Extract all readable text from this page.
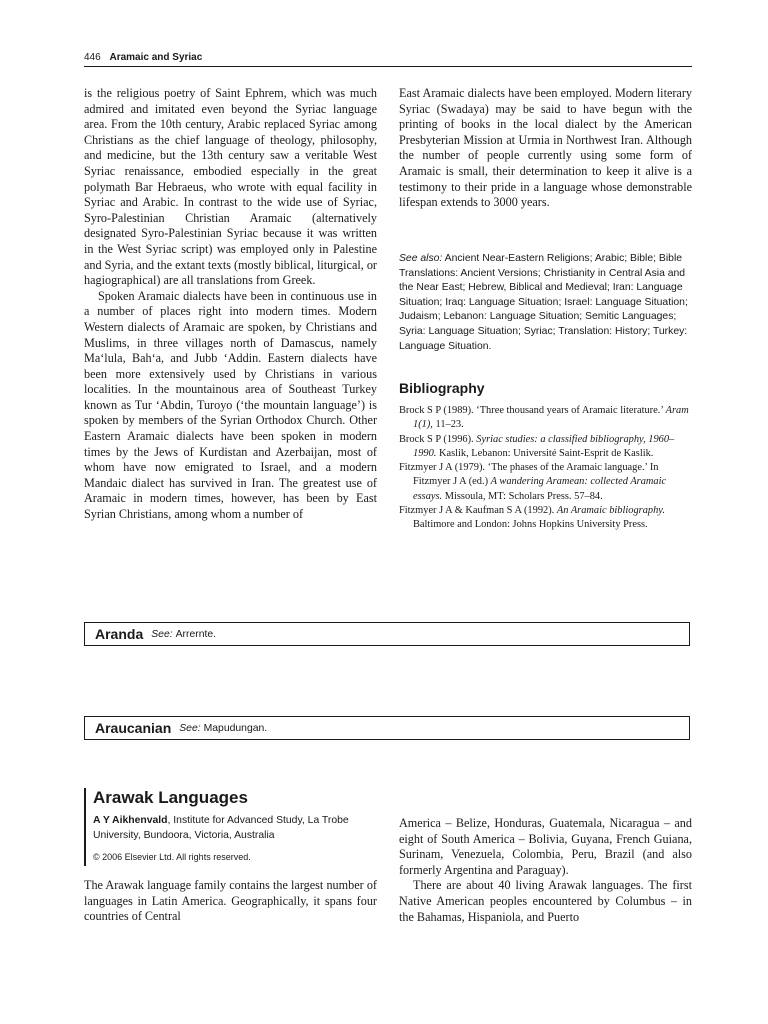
446 Aramaic and Syriac

is the religious poetry of Saint Ephrem, which was much admired and imitated even beyond the Syriac language area. From the 10th century, Arabic replaced Syriac among Christians as the chief language of theology, philosophy, and medicine, but the 13th century saw a veritable West Syriac renaissance, embodied especially in the great polymath Bar Hebraeus, who wrote with equal facility in Syriac and Arabic. In contrast to the wide use of Syriac, Syro-Palestinian Christian Aramaic (alternatively designated Syro-Palestinian Syriac because it was written in the West Syriac script) was employed only in Palestine and Syria, and the extant texts (mostly biblical, liturgical, or hagiographical) are all translations from Greek.

Spoken Aramaic dialects have been in continuous use in a number of places right into modern times. Modern Western dialects of Aramaic are spoken, by Christians and Muslims, in three villages north of Damascus, namely Ma‘lula, Bah‘a, and Jubb ‘Addin. Eastern dialects have been more extensively used by Christians in various localities. In the mountainous area of Southeast Turkey known as Tur ‘Abdin, Turoyo (‘the mountain language’) is spoken by members of the Syrian Orthodox Church. Other Eastern Aramaic dialects have been spoken in modern times by the Jews of Kurdistan and Azerbaijan, most of whom have now emigrated to Israel, and a modern Mandaic dialect has survived in Iran. The greatest use of Aramaic in modern times, however, has been by East Syrian Christians, among whom a number of

East Aramaic dialects have been employed. Modern literary Syriac (Swadaya) may be said to have begun with the printing of books in the local dialect by the American Presbyterian Mission at Urmia in Northwest Iran. Although the number of people currently using some form of Aramaic is small, their determination to keep it alive is a testimony to their pride in a language whose demonstrable lifespan extends to 3000 years.

See also: Ancient Near-Eastern Religions; Arabic; Bible; Bible Translations: Ancient Versions; Christianity in Central Asia and the Near East; Hebrew, Biblical and Medieval; Iran: Language Situation; Iraq: Language Situation; Israel: Language Situation; Judaism; Lebanon: Language Situation; Semitic Languages; Syria: Language Situation; Syriac; Translation: History; Turkey: Language Situation.

Bibliography

Brock S P (1989). ‘Three thousand years of Aramaic literature.’ Aram 1(1), 11–23.

Brock S P (1996). Syriac studies: a classified bibliography, 1960–1990. Kaslik, Lebanon: Université Saint-Esprit de Kaslik.

Fitzmyer J A (1979). ‘The phases of the Aramaic language.’ In Fitzmyer J A (ed.) A wandering Aramean: collected Aramaic essays. Missoula, MT: Scholars Press. 57–84.

Fitzmyer J A & Kaufman S A (1992). An Aramaic bibliography. Baltimore and London: Johns Hopkins University Press.

Aranda See: Arrernte.
Araucanian See: Mapudungan.
Arawak Languages

A Y Aikhenvald, Institute for Advanced Study, La Trobe University, Bundoora, Victoria, Australia

© 2006 Elsevier Ltd. All rights reserved.

The Arawak language family contains the largest number of languages in Latin America. Geographically, it spans four countries of Central

America – Belize, Honduras, Guatemala, Nicaragua – and eight of South America – Bolivia, Guyana, French Guiana, Surinam, Venezuela, Colombia, Peru, Brazil (and also formerly Argentina and Paraguay).

There are about 40 living Arawak languages. The first Native American peoples encountered by Columbus – in the Bahamas, Hispaniola, and Puerto
